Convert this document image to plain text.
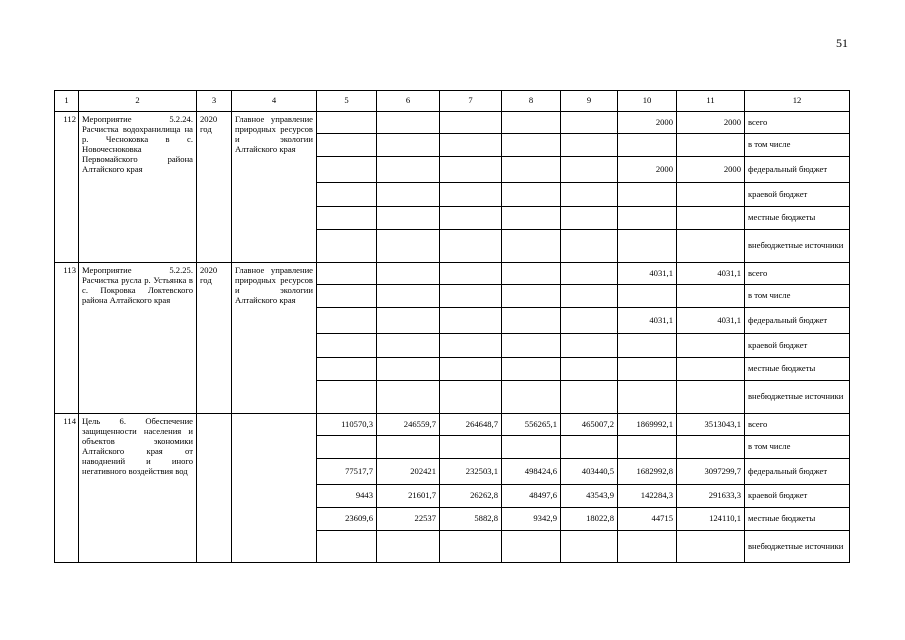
51
1	2	3	4	5	6	7	8	9	10	11	12
112	Мероприятие 5.2.24. Расчистка водохранилища на р. Чесноковка в с. Новочесноковка Первомайского района Алтайского края	2020 год	Главное управление природных ресурсов и экологии Алтайского края						2000	2000	всего
											в том числе
									2000	2000	федеральный бюджет
											краевой бюджет
											местные бюджеты
											внебюджетные источники
113	Мероприятие 5.2.25. Расчистка русла р. Устьянка в с. Покровка Локтевского района Алтайского края	2020 год	Главное управление природных ресурсов и экологии Алтайского края						4031,1	4031,1	всего
											в том числе
									4031,1	4031,1	федеральный бюджет
											краевой бюджет
											местные бюджеты
											внебюджетные источники
114	Цель 6. Обеспечение защищенности населения и объектов экономики Алтайского края от наводнений и иного негативного воздействия вод			110570,3	246559,7	264648,7	556265,1	465007,2	1869992,1	3513043,1	всего
											в том числе
				77517,7	202421	232503,1	498424,6	403440,5	1682992,8	3097299,7	федеральный бюджет
				9443	21601,7	26262,8	48497,6	43543,9	142284,3	291633,3	краевой бюджет
				23609,6	22537	5882,8	9342,9	18022,8	44715	124110,1	местные бюджеты
											внебюджетные источники
